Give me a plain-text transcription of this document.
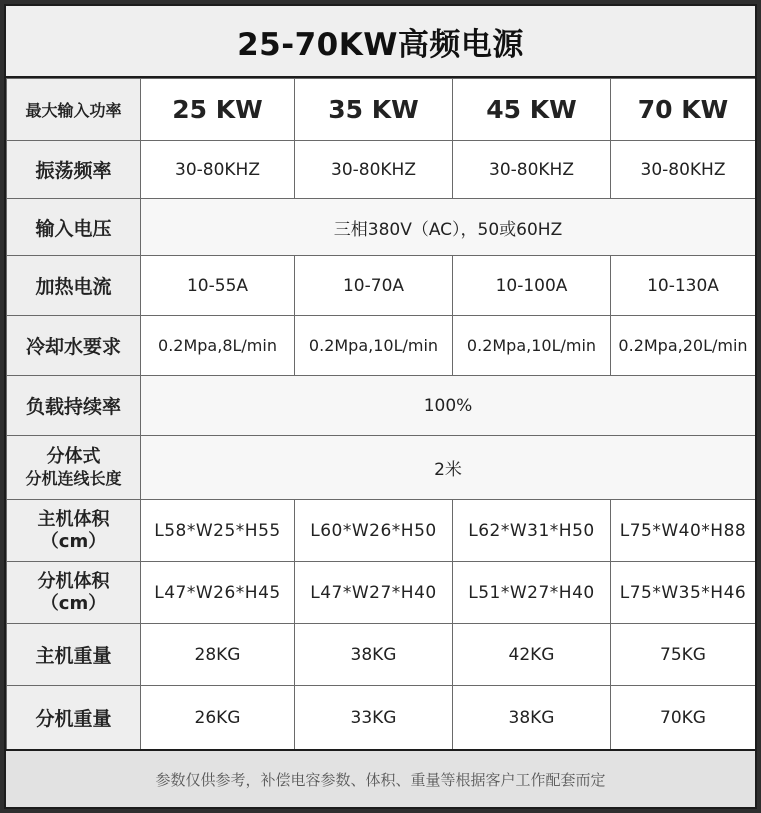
25-70KW高频电源
最大输入功率	25 KW	35 KW	45 KW	70 KW
振荡频率	30-80KHZ	30-80KHZ	30-80KHZ	30-80KHZ
输入电压	三相380V（AC），50或60HZ			
加热电流	10-55A	10-70A	10-100A	10-130A
冷却水要求	0.2Mpa,8L/min	0.2Mpa,10L/min	0.2Mpa,10L/min	0.2Mpa,20L/min
负载持续率	100%			

分体式
分机连线长度	2米			

主机体积
（cm）	L58*W25*H55	L60*W26*H50	L62*W31*H50	L75*W40*H88

分机体积
（cm）	L47*W26*H45	L47*W27*H40	L51*W27*H40	L75*W35*H46
主机重量	28KG	38KG	42KG	75KG
分机重量	26KG	33KG	38KG	70KG
参数仅供参考，补偿电容参数、体积、重量等根据客户工作配套而定
